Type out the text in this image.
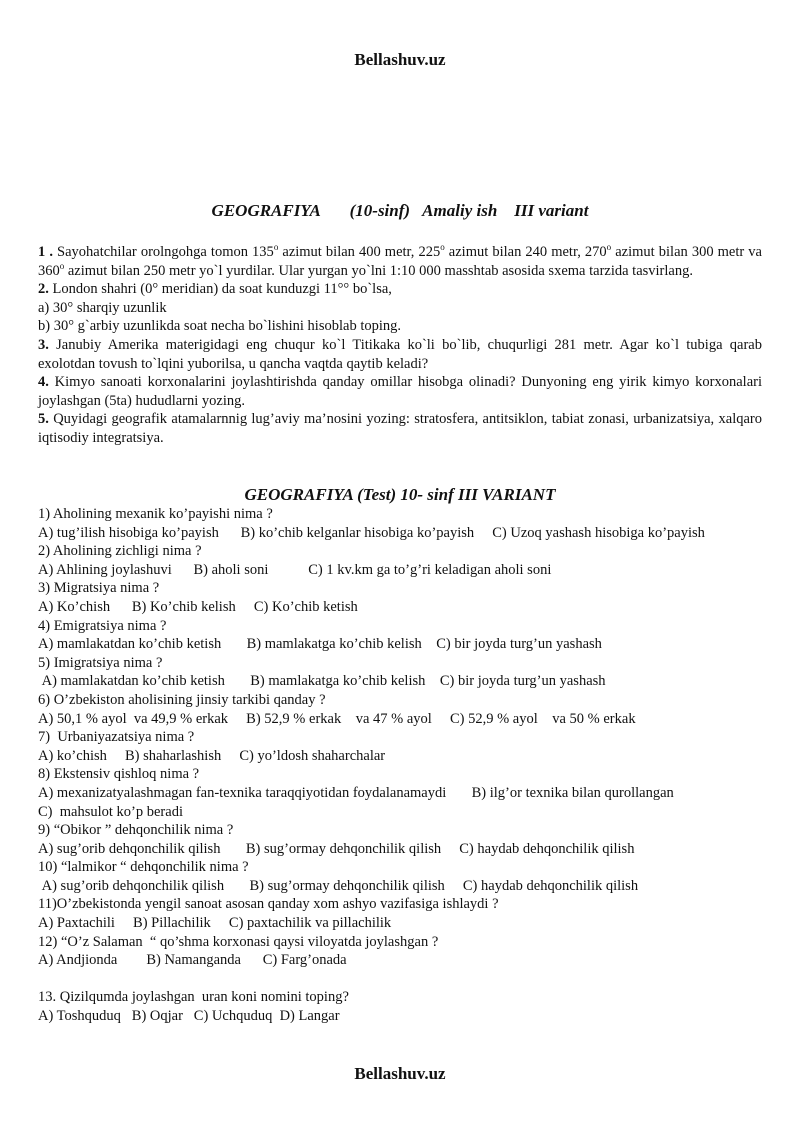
Bellashuv.uz
GEOGRAFIYA       (10-sinf)   Amaliy ish    III variant

1 . Sayohatchilar orolngohga tomon 135$^o$ azimut bilan 400 metr, 225$^o$ azimut bilan 240 metr, 270$^o$ azimut bilan 300 metr va 360$^o$ azimut bilan 250 metr yo`l yurdilar. Ular yurgan yo`lni 1:10 000 masshtab asosida sxema tarzida tasvirlang.

2. London shahri (0° meridian) da soat kunduzgi 11°° bo`lsa,

a) 30° sharqiy uzunlik

b) 30° g`arbiy uzunlikda soat necha bo`lishini hisoblab toping.

3. Janubiy Amerika materigidagi eng chuqur ko`l Titikaka ko`li bo`lib, chuqurligi 281 metr. Agar ko`l tubiga qarab exolotdan tovush to`lqini yuborilsa, u qancha vaqtda qaytib keladi?

4. Kimyo sanoati korxonalarini joylashtirishda qanday omillar hisobga olinadi? Dunyoning eng yirik kimyo korxonalari joylashgan (5ta) hududlarni yozing.

5. Quyidagi geografik atamalarnnig lug’aviy ma’nosini yozing: stratosfera, antitsiklon, tabiat zonasi, urbanizatsiya, xalqaro iqtisodiy integratsiya.

GEOGRAFIYA (Test) 10- sinf III VARIANT
1) Aholining mexanik ko’payishi nima ?
A) tug’ilish hisobiga ko’payish      B) ko’chib kelganlar hisobiga ko’payish     C) Uzoq yashash hisobiga ko’payish
2) Aholining zichligi nima ?
A) Ahlining joylashuvi      B) aholi soni           C) 1 kv.km ga to’g’ri keladigan aholi soni
3) Migratsiya nima ?
A) Ko’chish      B) Ko’chib kelish     C) Ko’chib ketish
4) Emigratsiya nima ?
A) mamlakatdan ko’chib ketish       B) mamlakatga ko’chib kelish    C) bir joyda turg’un yashash
5) Imigratsiya nima ?
A) mamlakatdan ko’chib ketish       B) mamlakatga ko’chib kelish    C) bir joyda turg’un yashash
6) O’zbekiston aholisining jinsiy tarkibi qanday ?
A) 50,1 % ayol  va 49,9 % erkak     B) 52,9 % erkak    va 47 % ayol     C) 52,9 % ayol    va 50 % erkak
7)  Urbaniyazatsiya nima ?
A) ko’chish     B) shaharlashish     C) yo’ldosh shaharchalar
8) Ekstensiv qishloq nima ?
A) mexanizatyalashmagan fan-texnika taraqqiyotidan foydalanamaydi       B) ilg’or texnika bilan qurollangan
C)  mahsulot ko’p beradi
9) “Obikor ” dehqonchilik nima ?
A) sug’orib dehqonchilik qilish       B) sug’ormay dehqonchilik qilish     C) haydab dehqonchilik qilish
10) “lalmikor “ dehqonchilik nima ?
A) sug’orib dehqonchilik qilish       B) sug’ormay dehqonchilik qilish     C) haydab dehqonchilik qilish
11)O’zbekistonda yengil sanoat asosan qanday xom ashyo vazifasiga ishlaydi ?
A) Paxtachili     B) Pillachilik     C) paxtachilik va pillachilik
12) “O’z Salaman  “ qo’shma korxonasi qaysi viloyatda joylashgan ?
A) Andjionda        B) Namanganda      C) Farg’onada
13. Qizilqumda joylashgan  uran koni nomini toping?
A) Toshquduq   B) Oqjar   C) Uchquduq  D) Langar
Bellashuv.uz
